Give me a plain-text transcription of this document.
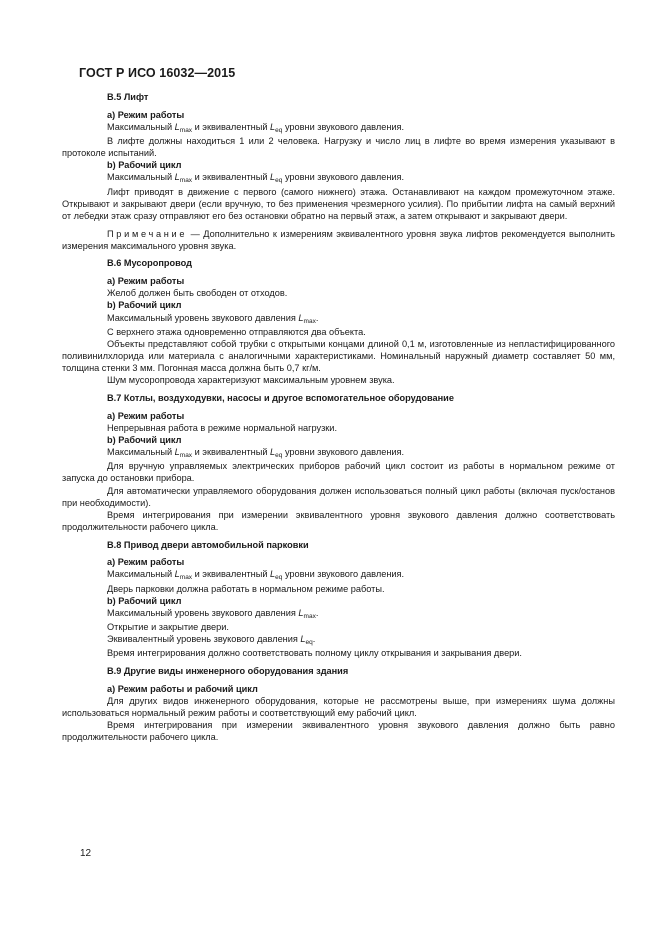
ГОСТ Р ИСО 16032—2015

В.5 Лифт

a) Режим работы

Максимальный $L_{max}$ и эквивалентный $L_{eq}$ уровни звукового давления.

В лифте должны находиться 1 или 2 человека. Нагрузку и число лиц в лифте во время измерения указывают в протоколе испытаний.

b) Рабочий цикл

Максимальный $L_{max}$ и эквивалентный $L_{eq}$ уровни звукового давления.

Лифт приводят в движение с первого (самого нижнего) этажа. Останавливают на каждом промежуточном этаже. Открывают и закрывают двери (если вручную, то без применения чрезмерного усилия). По прибытии лифта на самый верхний от лебедки этаж сразу отправляют его без остановки обратно на первый этаж, а затем открывают и закрывают двери.

Примечание — Дополнительно к измерениям эквивалентного уровня звука лифтов рекомендуется выполнить измерения максимального уровня звука.

В.6 Мусоропровод

a) Режим работы

Желоб должен быть свободен от отходов.

b) Рабочий цикл

Максимальный уровень звукового давления $L_{max}$.

С верхнего этажа одновременно отправляются два объекта.

Объекты представляют собой трубки с открытыми концами длиной 0,1 м, изготовленные из непластифицированного поливинилхлорида или материала с аналогичными характеристиками. Номинальный наружный диаметр составляет 50 мм, толщина стенки 3 мм. Погонная масса должна быть 0,7 кг/м.

Шум мусоропровода характеризуют максимальным уровнем звука.

В.7 Котлы, воздуходувки, насосы и другое вспомогательное оборудование

a) Режим работы

Непрерывная работа в режиме нормальной нагрузки.

b) Рабочий цикл

Максимальный $L_{max}$ и эквивалентный $L_{eq}$ уровни звукового давления.

Для вручную управляемых электрических приборов рабочий цикл состоит из работы в нормальном режиме от запуска до остановки прибора.

Для автоматически управляемого оборудования должен использоваться полный цикл работы (включая пуск/останов при необходимости).

Время интегрирования при измерении эквивалентного уровня звукового давления должно соответствовать продолжительности рабочего цикла.

В.8 Привод двери автомобильной парковки

a) Режим работы

Максимальный $L_{max}$ и эквивалентный $L_{eq}$ уровни звукового давления.

Дверь парковки должна работать в нормальном режиме работы.

b) Рабочий цикл

Максимальный уровень звукового давления $L_{max}$.

Открытие и закрытие двери.

Эквивалентный уровень звукового давления $L_{eq}$.

Время интегрирования должно соответствовать полному циклу открывания и закрывания двери.

В.9 Другие виды инженерного оборудования здания

a) Режим работы и рабочий цикл

Для других видов инженерного оборудования, которые не рассмотрены выше, при измерениях шума должны использоваться нормальный режим работы и соответствующий ему рабочий цикл.

Время интегрирования при измерении эквивалентного уровня звукового давления должно быть равно продолжительности рабочего цикла.

12
